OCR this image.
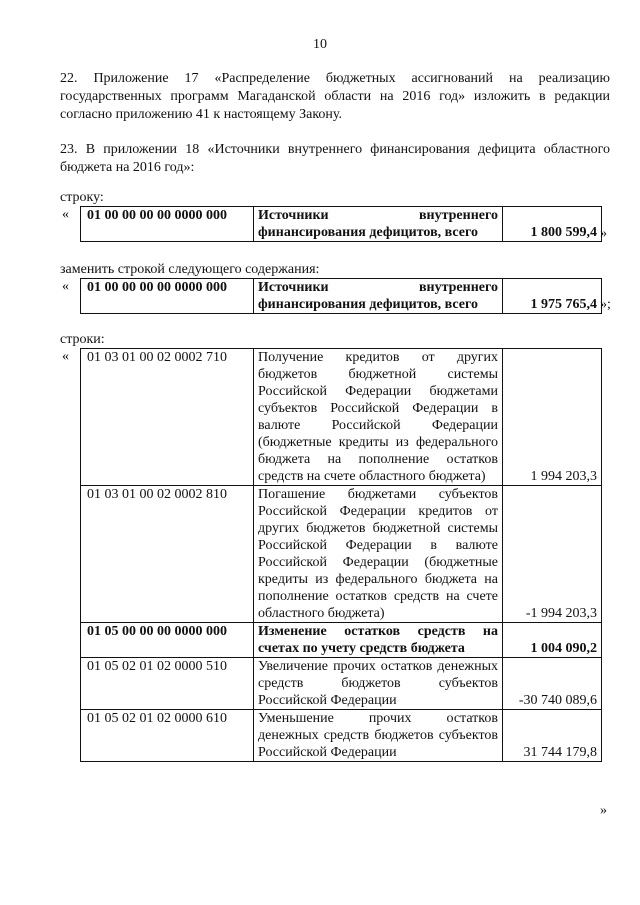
10
22. Приложение 17 «Распределение бюджетных ассигнований на реализацию государственных программ Магаданской области на 2016 год» изложить в редакции согласно приложению 41 к настоящему Закону.
23. В приложении 18 «Источники внутреннего финансирования дефицита областного бюджета на 2016 год»:
строку:
« 01 00 00 00 00 0000 000	Источники внутреннего финансирования дефицитов, всего	1 800 599,4 »
заменить строкой следующего содержания:
« 01 00 00 00 00 0000 000	Источники внутреннего финансирования дефицитов, всего	1 975 765,4 »;
строки:
« 01 03 01 00 02 0002 710	Получение кредитов от других бюджетов бюджетной системы Российской Федерации бюджетами субъектов Российской Федерации в валюте Российской Федерации (бюджетные кредиты из федерального бюджета на пополнение остатков средств на счете областного бюджета)	1 994 203,3
01 03 01 00 02 0002 810	Погашение бюджетами субъектов Российской Федерации кредитов от других бюджетов бюджетной системы Российской Федерации в валюте Российской Федерации (бюджетные кредиты из федерального бюджета на пополнение остатков средств на счете областного бюджета)	-1 994 203,3
01 05 00 00 00 0000 000	Изменение остатков средств на счетах по учету средств бюджета	1 004 090,2
01 05 02 01 02 0000 510	Увеличение прочих остатков денежных средств бюджетов субъектов Российской Федерации	-30 740 089,6
01 05 02 01 02 0000 610	Уменьшение прочих остатков денежных средств бюджетов субъектов Российской Федерации	31 744 179,8
»
